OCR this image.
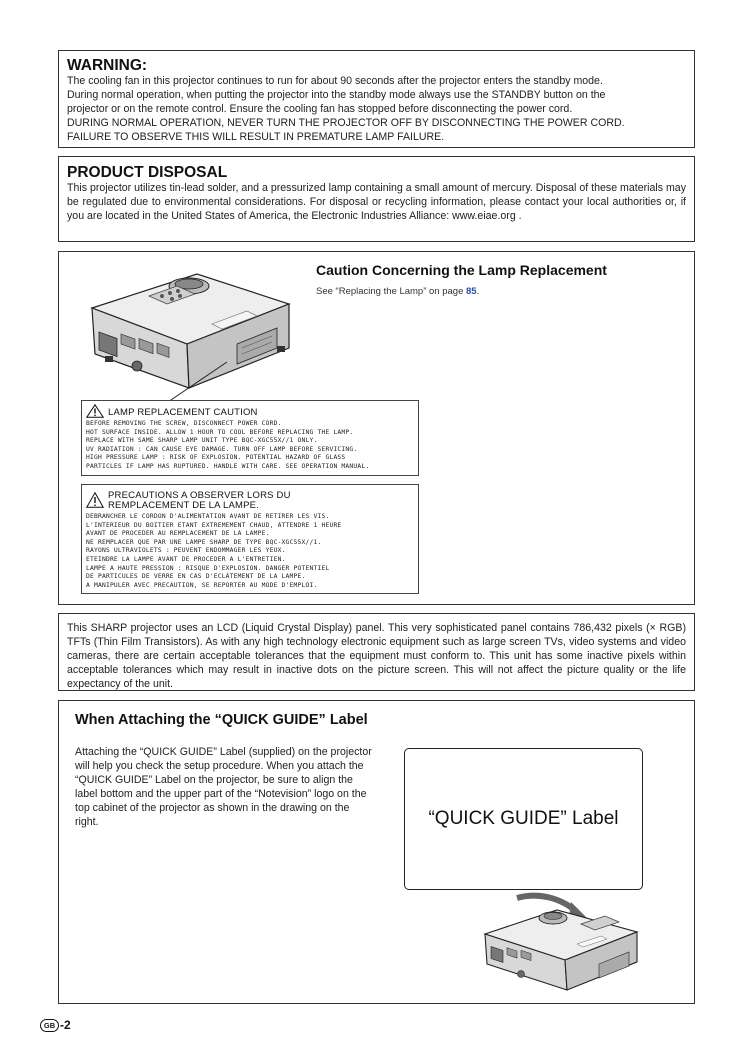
WARNING:

The cooling fan in this projector continues to run for about 90 seconds after the projector enters the standby mode.

During normal operation, when putting the projector into the standby mode always use the STANDBY button on the

projector or on the remote control. Ensure the cooling fan has stopped before disconnecting the power cord.

DURING NORMAL OPERATION, NEVER TURN THE PROJECTOR OFF BY DISCONNECTING THE POWER CORD.

FAILURE TO OBSERVE THIS WILL RESULT IN PREMATURE LAMP FAILURE.

PRODUCT DISPOSAL

This projector utilizes tin-lead solder, and a pressurized lamp containing a small amount of mercury. Disposal of these materials may be regulated due to environmental considerations. For disposal or recycling information, please contact your local authorities or, if you are located in the United States of America, the Electronic Industries Alliance: www.eiae.org .

Caution Concerning the Lamp Replacement
See “Replacing the Lamp” on page 85.
LAMP REPLACEMENT CAUTION
BEFORE REMOVING THE SCREW, DISCONNECT POWER CORD.
HOT SURFACE INSIDE. ALLOW 1 HOUR TO COOL BEFORE REPLACING THE LAMP.
REPLACE WITH SAME SHARP LAMP UNIT TYPE BQC-XGC55X//1 ONLY.
UV RADIATION : CAN CAUSE EYE DAMAGE. TURN OFF LAMP BEFORE SERVICING.
HIGH PRESSURE LAMP : RISK OF EXPLOSION. POTENTIAL HAZARD OF GLASS
PARTICLES IF LAMP HAS RUPTURED. HANDLE WITH CARE. SEE OPERATION MANUAL.
PRECAUTIONS A OBSERVER LORS DU
REMPLACEMENT DE LA LAMPE.
DEBRANCHER LE CORDON D'ALIMENTATION AVANT DE RETIRER LES VIS.
L'INTERIEUR DU BOITIER ETANT EXTREMEMENT CHAUD, ATTENDRE 1 HEURE
AVANT DE PROCEDER AU REMPLACEMENT DE LA LAMPE.
NE REMPLACER QUE PAR UNE LAMPE SHARP DE TYPE BQC-XGC55X//1.
RAYONS ULTRAVIOLETS : PEUVENT ENDOMMAGER LES YEUX.
ETEINDRE LA LAMPE AVANT DE PROCEDER A L'ENTRETIEN.
LAMPE A HAUTE PRESSION : RISQUE D'EXPLOSION. DANGER POTENTIEL
DE PARTICULES DE VERRE EN CAS D'ECLATEMENT DE LA LAMPE.
A MANIPULER AVEC PRECAUTION, SE REPORTER AU MODE D'EMPLOI.

This SHARP projector uses an LCD (Liquid Crystal Display) panel. This very sophisticated panel contains 786,432 pixels (× RGB) TFTs (Thin Film Transistors). As with any high technology electronic equipment such as large screen TVs, video systems and video cameras, there are certain acceptable tolerances that the equipment must conform to. This unit has some inactive pixels within acceptable tolerances which may result in inactive dots on the picture screen. This will not affect the picture quality or the life expectancy of the unit.

When Attaching the “QUICK GUIDE” Label

Attaching the “QUICK GUIDE” Label (supplied) on the projector will help you check the setup procedure. When you attach the “QUICK GUIDE” Label on the projector, be sure to align the label bottom and the upper part of the “Notevision” logo on the top cabinet of the projector as shown in the drawing on the right.	“QUICK GUIDE” Label
GB -2
